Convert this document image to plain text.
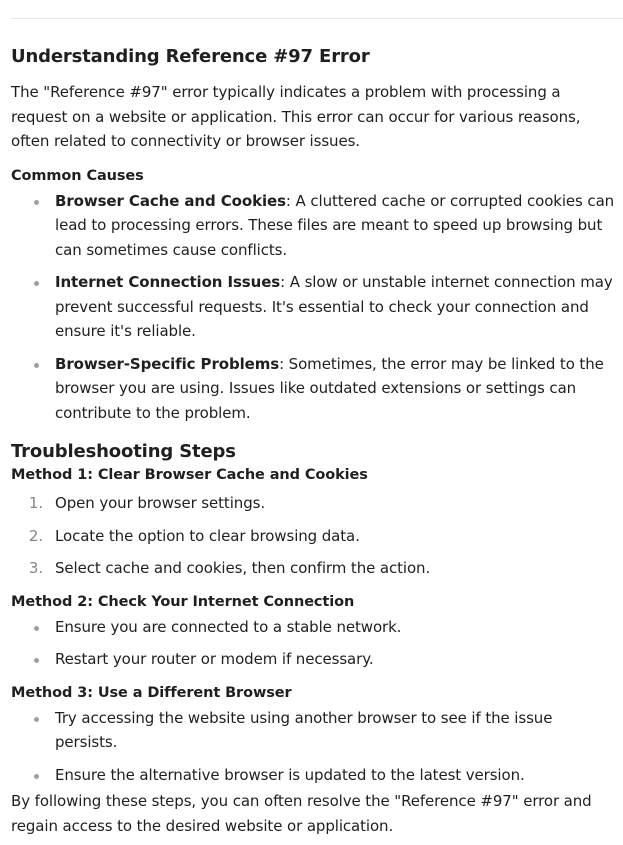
Understanding Reference #97 Error

The "Reference #97" error typically indicates a problem with processing a request on a website or application. This error can occur for various reasons, often related to connectivity or browser issues.

Common Causes
Browser Cache and Cookies: A cluttered cache or corrupted cookies can lead to processing errors. These files are meant to speed up browsing but can sometimes cause conflicts.
Internet Connection Issues: A slow or unstable internet connection may prevent successful requests. It's essential to check your connection and ensure it's reliable.
Browser-Specific Problems: Sometimes, the error may be linked to the browser you are using. Issues like outdated extensions or settings can contribute to the problem.
Troubleshooting Steps
Method 1: Clear Browser Cache and Cookies
1. Open your browser settings.
2. Locate the option to clear browsing data.
3. Select cache and cookies, then confirm the action.
Method 2: Check Your Internet Connection
Ensure you are connected to a stable network.
Restart your router or modem if necessary.
Method 3: Use a Different Browser
Try accessing the website using another browser to see if the issue persists.
Ensure the alternative browser is updated to the latest version.

By following these steps, you can often resolve the "Reference #97" error and regain access to the desired website or application.
